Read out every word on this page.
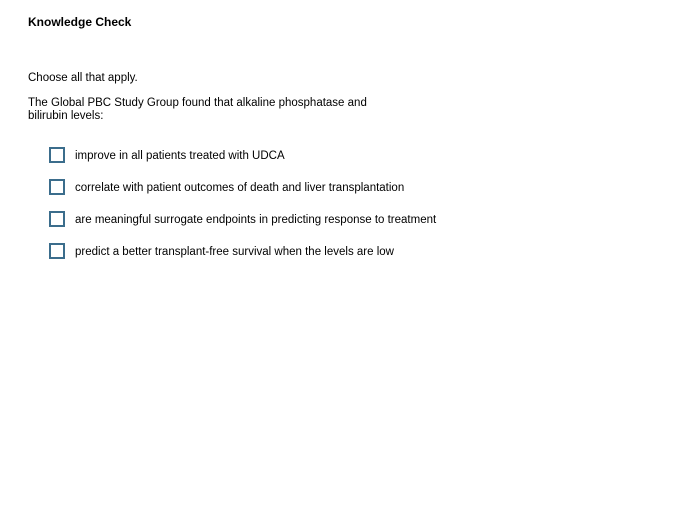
Knowledge Check
Choose all that apply.
The Global PBC Study Group found that alkaline phosphatase and bilirubin levels:
improve in all patients treated with UDCA
correlate with patient outcomes of death and liver transplantation
are meaningful surrogate endpoints in predicting response to treatment
predict a better transplant-free survival when the levels are low
